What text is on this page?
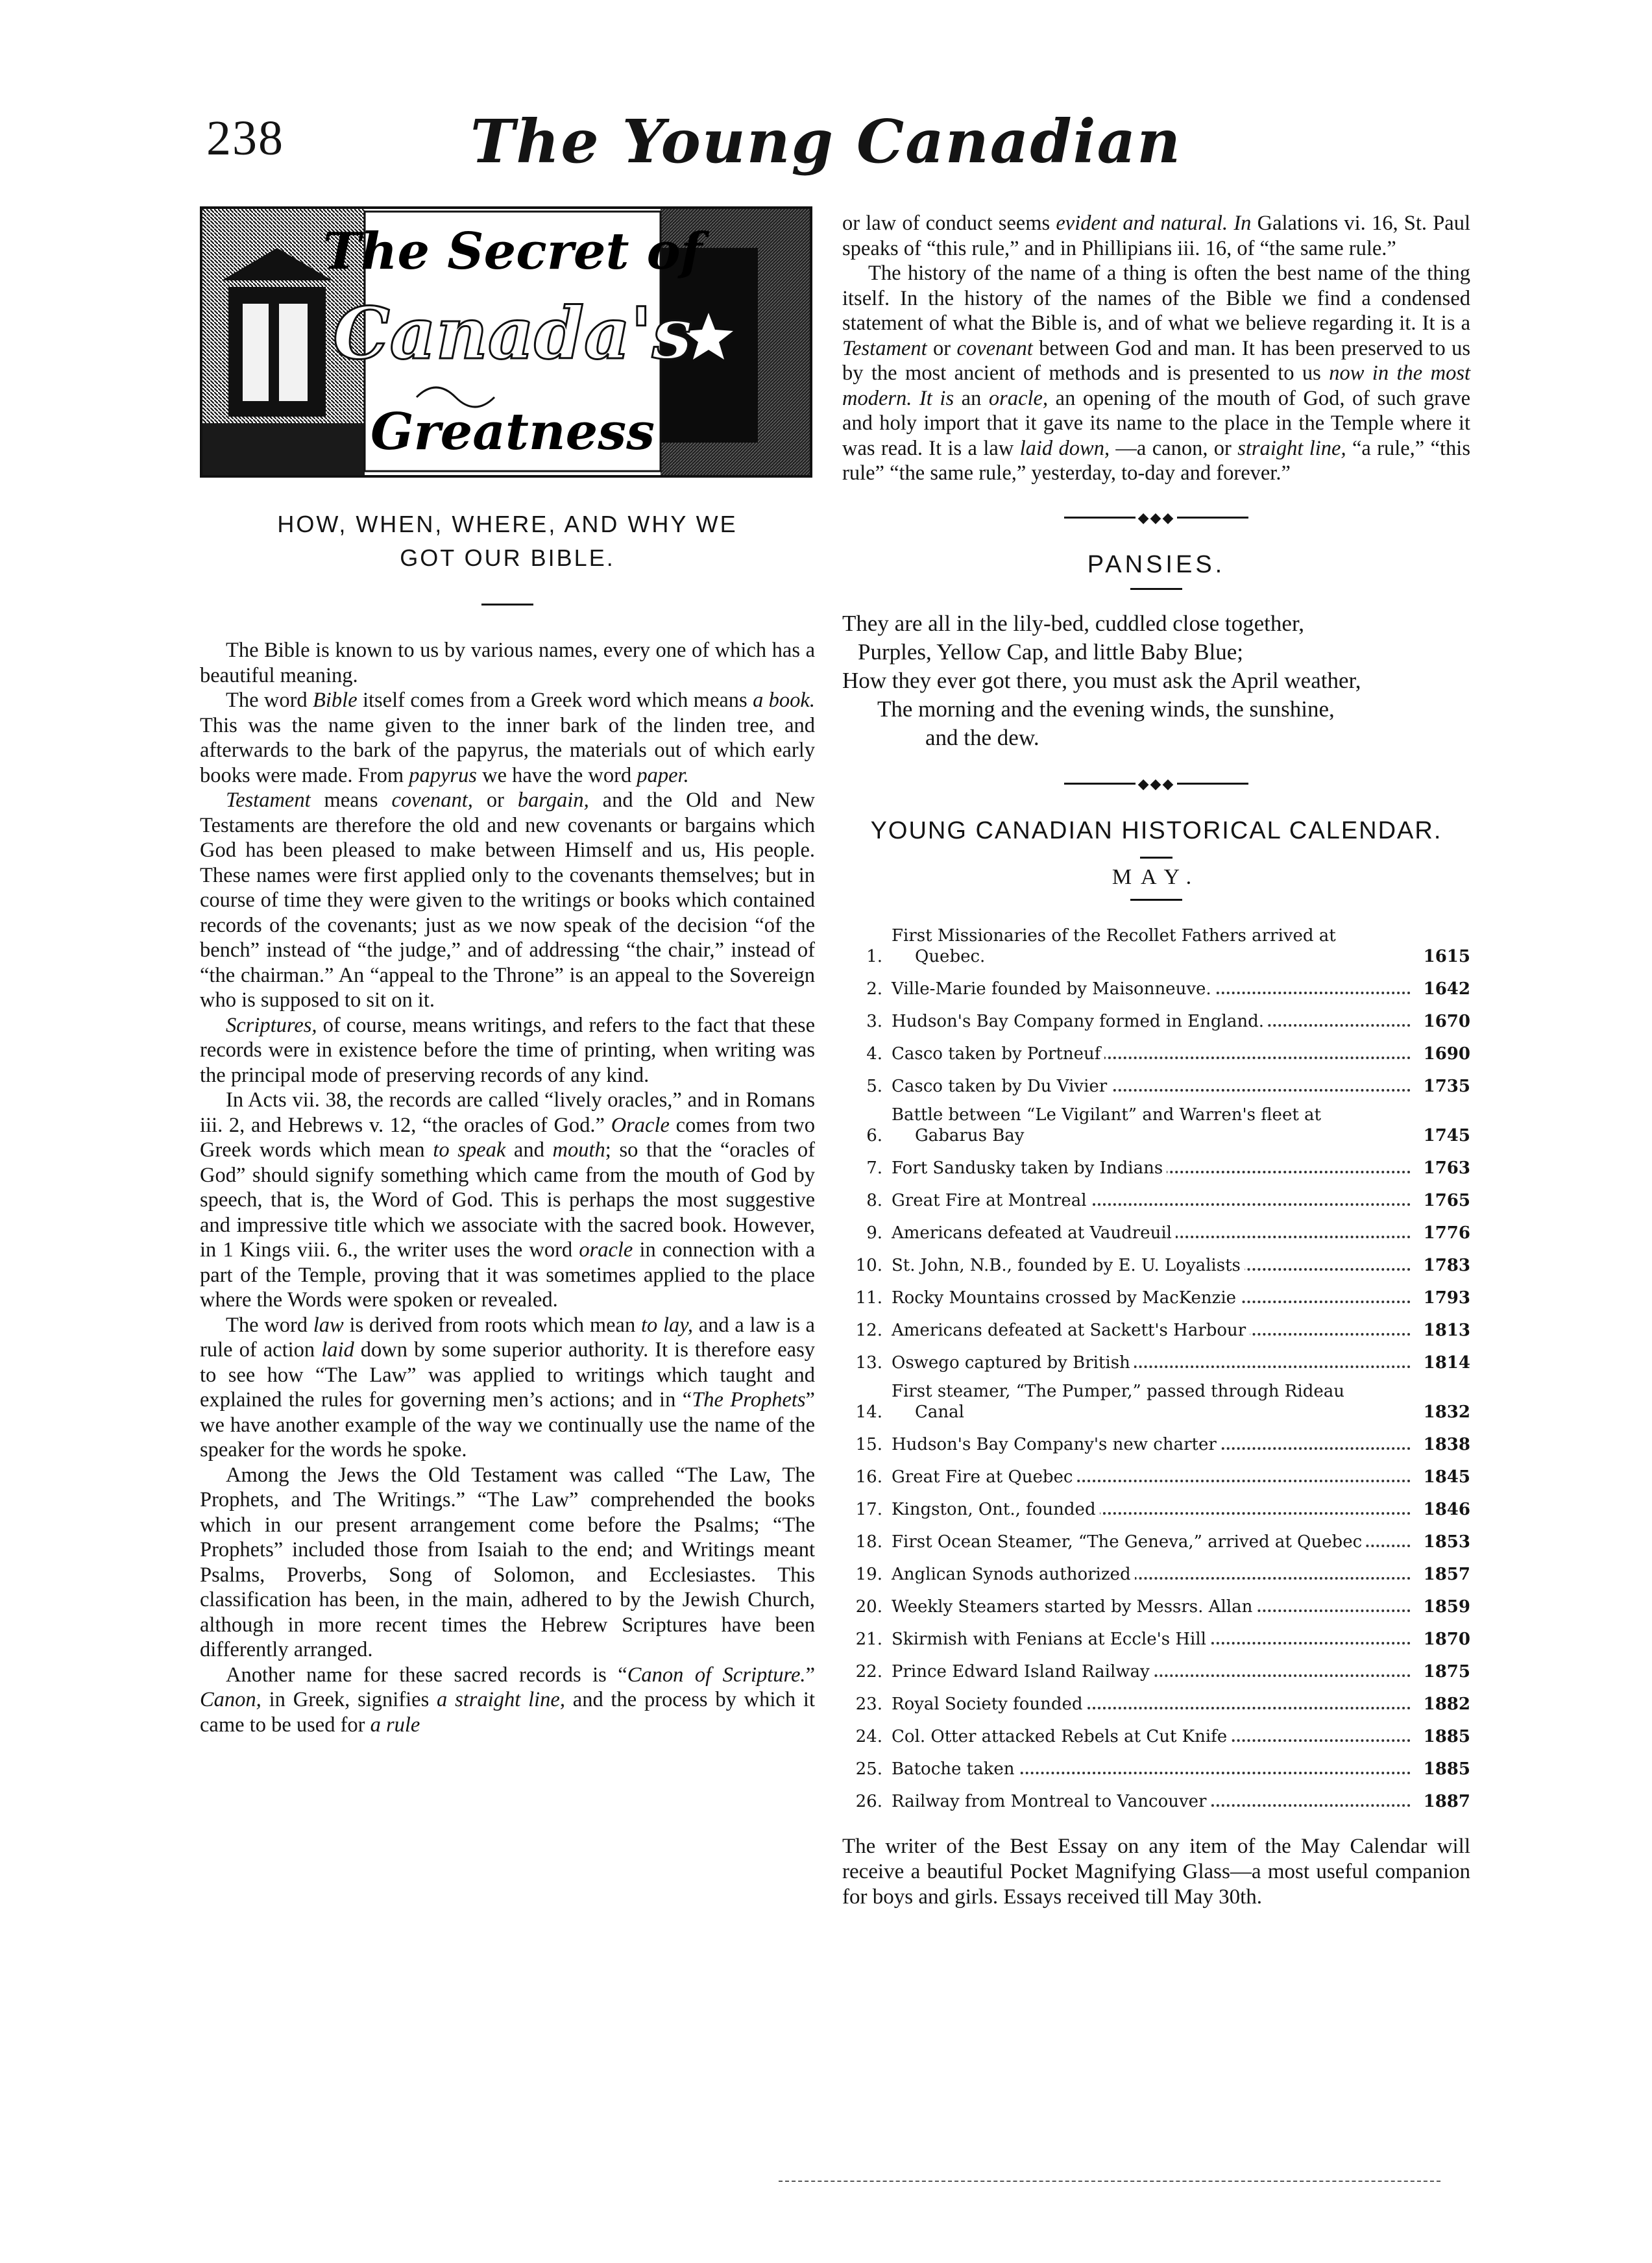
238	The Young Canadian
The Secret of
Canada's
Greatness
HOW, WHEN, WHERE, AND WHY WE GOT OUR BIBLE.

The Bible is known to us by various names, every one of which has a beautiful meaning.

The word Bible itself comes from a Greek word which means a book. This was the name given to the inner bark of the linden tree, and afterwards to the bark of the papyrus, the materials out of which early books were made. From papyrus we have the word paper.

Testament means covenant, or bargain, and the Old and New Testaments are therefore the old and new covenants or bargains which God has been pleased to make between Himself and us, His people. These names were first applied only to the covenants themselves; but in course of time they were given to the writings or books which contained records of the covenants; just as we now speak of the decision “of the bench” instead of “the judge,” and of addressing “the chair,” instead of “the chairman.” An “appeal to the Throne” is an appeal to the Sovereign who is supposed to sit on it.

Scriptures, of course, means writings, and refers to the fact that these records were in existence before the time of printing, when writing was the principal mode of preserving records of any kind.

In Acts vii. 38, the records are called “lively oracles,” and in Romans iii. 2, and Hebrews v. 12, “the oracles of God.” Oracle comes from two Greek words which mean to speak and mouth; so that the “oracles of God” should signify something which came from the mouth of God by speech, that is, the Word of God. This is perhaps the most suggestive and impressive title which we associate with the sacred book. However, in 1 Kings viii. 6., the writer uses the word oracle in connection with a part of the Temple, proving that it was sometimes applied to the place where the Words were spoken or revealed.

The word law is derived from roots which mean to lay, and a law is a rule of action laid down by some superior authority. It is therefore easy to see how “The Law” was applied to writings which taught and explained the rules for governing men’s actions; and in “The Prophets” we have another example of the way we continually use the name of the speaker for the words he spoke.

Among the Jews the Old Testament was called “The Law, The Prophets, and The Writings.” “The Law” comprehended the books which in our present arrangement come before the Psalms; “The Prophets” included those from Isaiah to the end; and Writings meant Psalms, Proverbs, Song of Solomon, and Ecclesiastes. This classification has been, in the main, adhered to by the Jewish Church, although in more recent times the Hebrew Scriptures have been differently arranged.

Another name for these sacred records is “Canon of Scripture.” Canon, in Greek, signifies a straight line, and the process by which it came to be used for a rule

or law of conduct seems evident and natural. In Galations vi. 16, St. Paul speaks of “this rule,” and in Phillipians iii. 16, of “the same rule.”

The history of the name of a thing is often the best name of the thing itself. In the history of the names of the Bible we find a condensed statement of what the Bible is, and of what we believe regarding it. It is a Testament or covenant between God and man. It has been preserved to us by the most ancient of methods and is presented to us now in the most modern. It is an oracle, an opening of the mouth of God, of such grave and holy import that it gave its name to the place in the Temple where it was read. It is a law laid down, —a canon, or straight line, “a rule,” “this rule” “the same rule,” yesterday, to-day and forever.”

◆◆◆
PANSIES.
They are all in the lily-bed, cuddled close together,
Purples, Yellow Cap, and little Baby Blue;
How they ever got there, you must ask the April weather,
The morning and the evening winds, the sunshine,
and the dew.
◆◆◆
YOUNG CANADIAN HISTORICAL CALENDAR.
MAY.
1.
First Missionaries of the Recollet Fathers arrived at
Quebec.	1615
2. Ville-Marie founded by Maisonneuve.	1642
3. Hudson's Bay Company formed in England.	1670
4. Casco taken by Portneuf	1690
5. Casco taken by Du Vivier	1735
6.
Battle between “Le Vigilant” and Warren's fleet at
Gabarus Bay	1745
7. Fort Sandusky taken by Indians	1763
8. Great Fire at Montreal	1765
9. Americans defeated at Vaudreuil	1776
10. St. John, N.B., founded by E. U. Loyalists	1783
11. Rocky Mountains crossed by MacKenzie	1793
12. Americans defeated at Sackett's Harbour	1813
13. Oswego captured by British	1814
14.
First steamer, “The Pumper,” passed through Rideau
Canal	1832
15. Hudson's Bay Company's new charter	1838
16. Great Fire at Quebec	1845
17. Kingston, Ont., founded	1846
18. First Ocean Steamer, “The Geneva,” arrived at Quebec	1853
19. Anglican Synods authorized	1857
20. Weekly Steamers started by Messrs. Allan	1859
21. Skirmish with Fenians at Eccle's Hill	1870
22. Prince Edward Island Railway	1875
23. Royal Society founded	1882
24. Col. Otter attacked Rebels at Cut Knife	1885
25. Batoche taken	1885
26. Railway from Montreal to Vancouver	1887

The writer of the Best Essay on any item of the May Calendar will receive a beautiful Pocket Magnifying Glass—a most useful companion for boys and girls. Essays received till May 30th.
